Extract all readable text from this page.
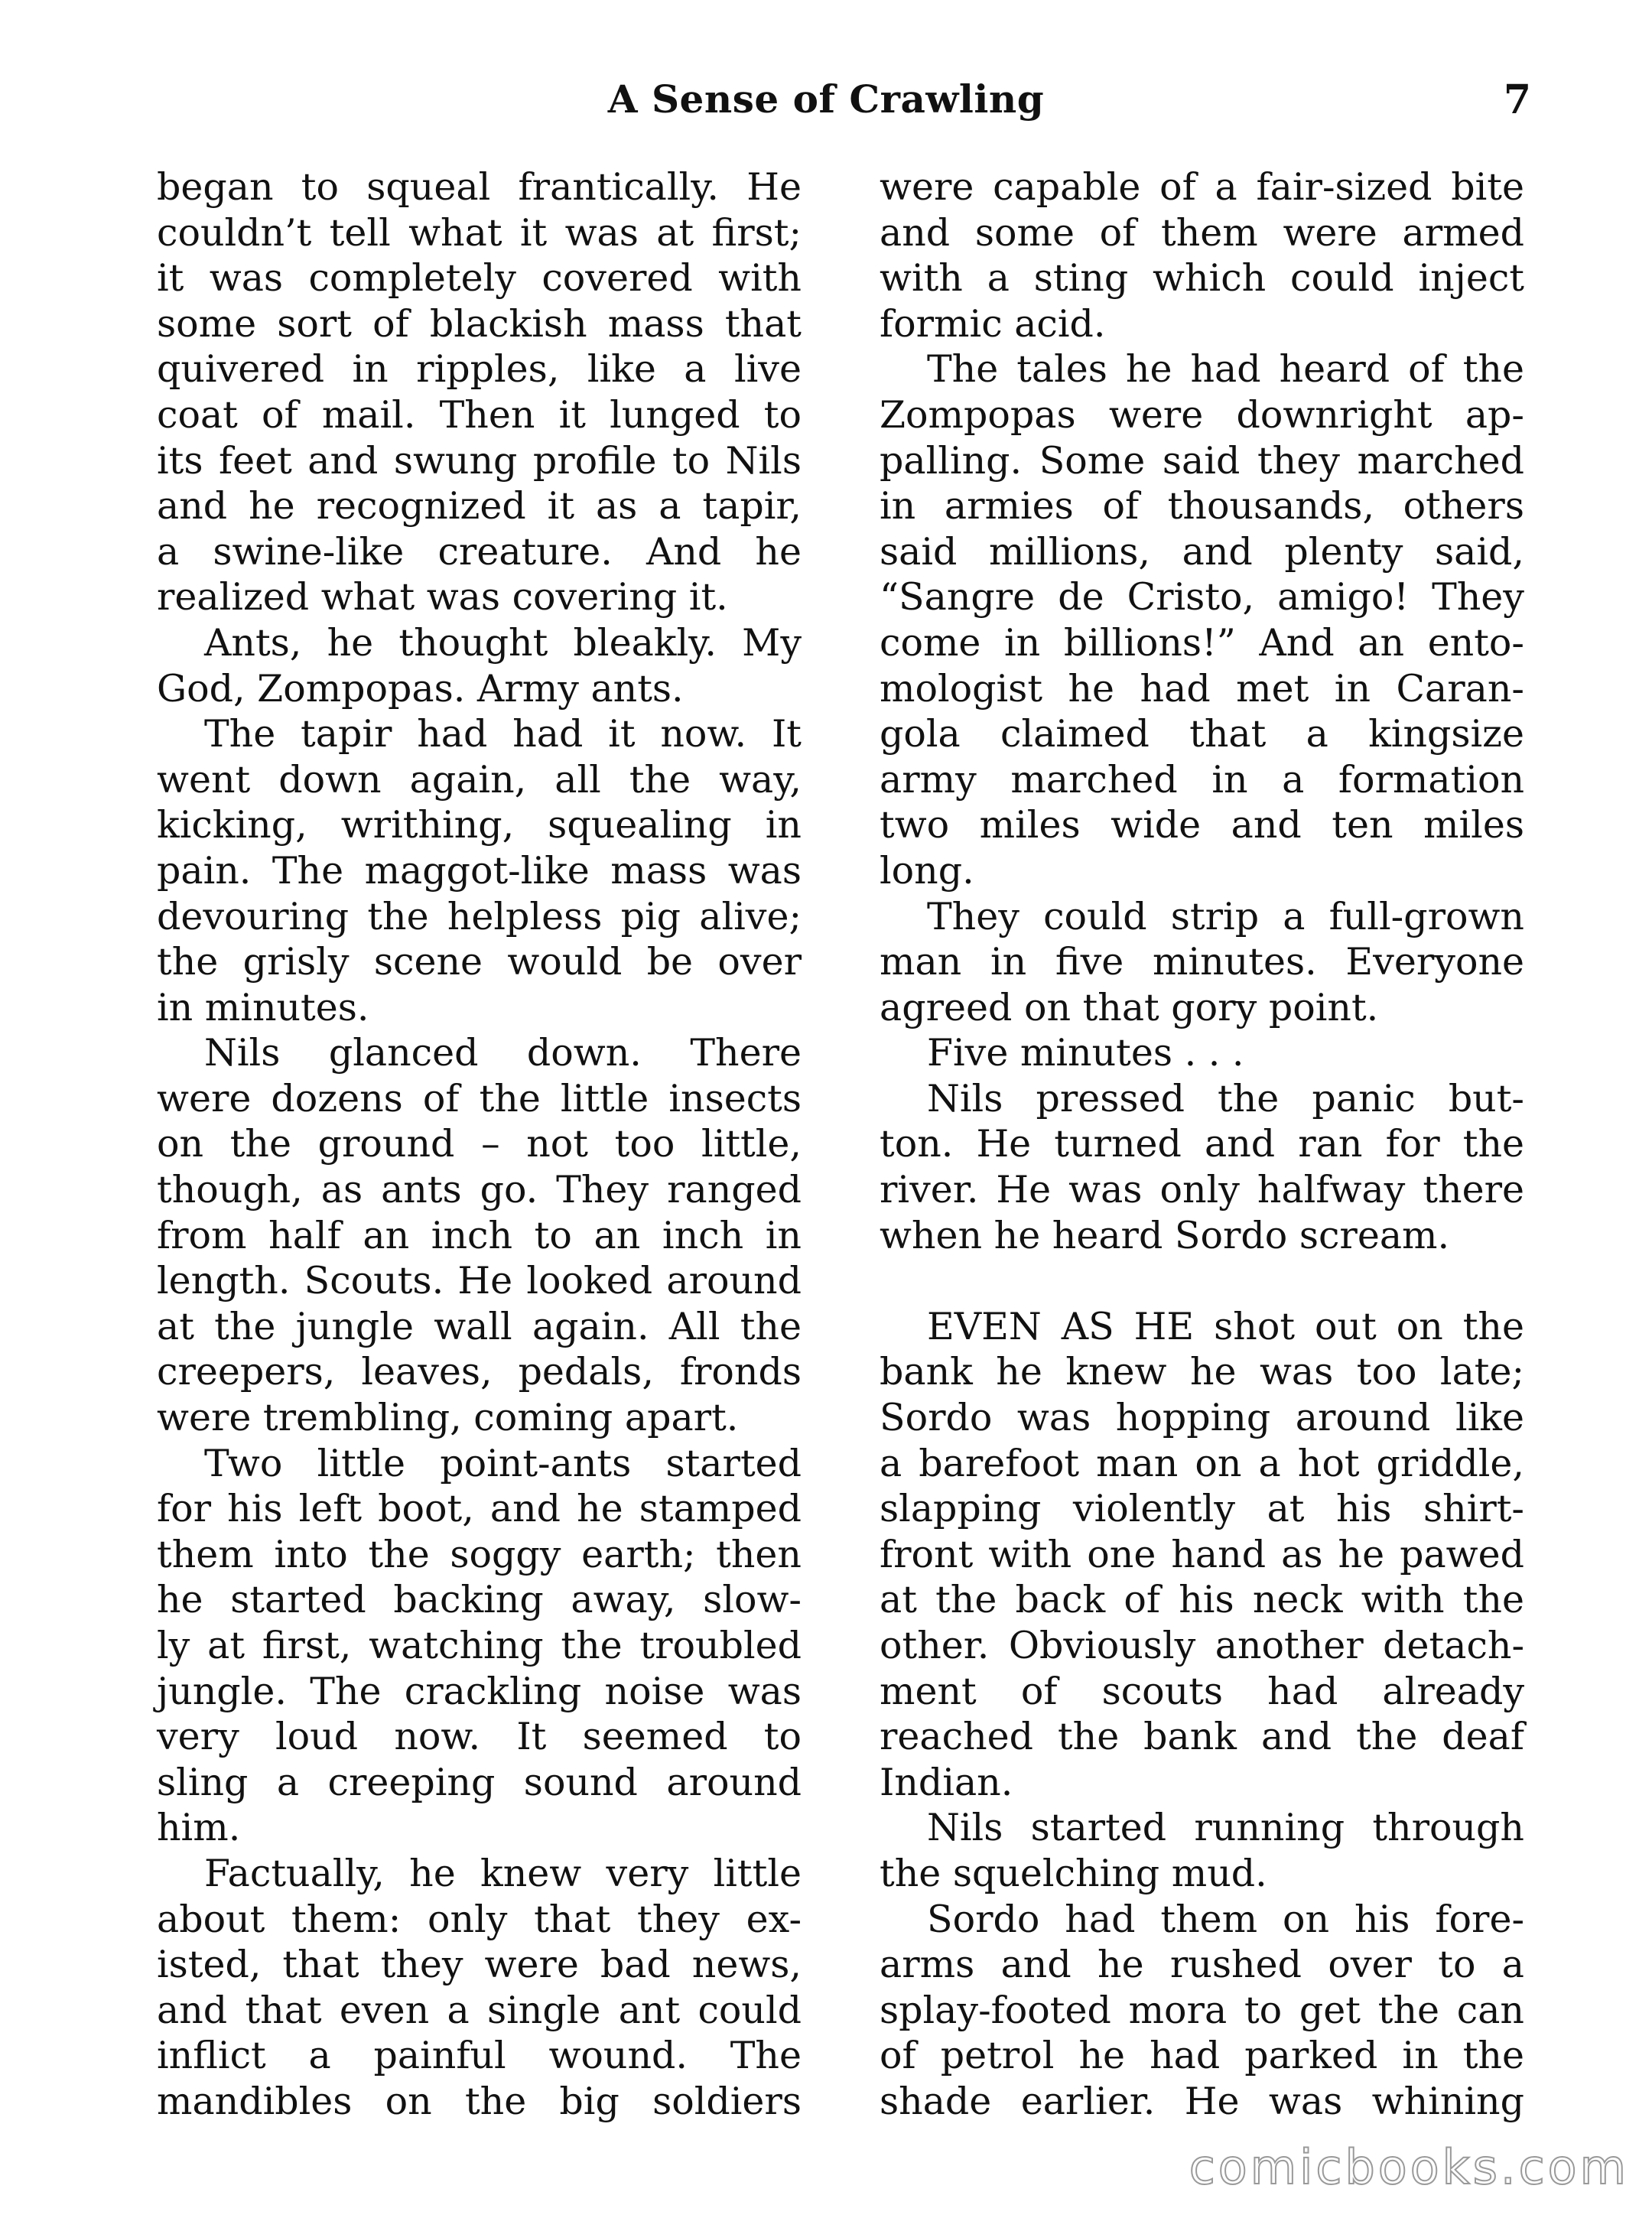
A Sense of Crawling	7
began to squeal frantically. He
couldn’t tell what it was at first;
it was completely covered with
some sort of blackish mass that
quivered in ripples, like a live
coat of mail. Then it lunged to
its feet and swung profile to Nils
and he recognized it as a tapir,
a swine-like creature. And he
realized what was covering it.
Ants, he thought bleakly. My
God, Zompopas. Army ants.
The tapir had had it now. It
went down again, all the way,
kicking, writhing, squealing in
pain. The maggot-like mass was
devouring the helpless pig alive;
the grisly scene would be over
in minutes.
Nils glanced down. There
were dozens of the little insects
on the ground – not too little,
though, as ants go. They ranged
from half an inch to an inch in
length. Scouts. He looked around
at the jungle wall again. All the
creepers, leaves, pedals, fronds
were trembling, coming apart.
Two little point-ants started
for his left boot, and he stamped
them into the soggy earth; then
he started backing away, slow-
ly at first, watching the troubled
jungle. The crackling noise was
very loud now. It seemed to
sling a creeping sound around
him.
Factually, he knew very little
about them: only that they ex-
isted, that they were bad news,
and that even a single ant could
inflict a painful wound. The
mandibles on the big soldiers
were capable of a fair-sized bite
and some of them were armed
with a sting which could inject
formic acid.
The tales he had heard of the
Zompopas were downright ap-
palling. Some said they marched
in armies of thousands, others
said millions, and plenty said,
“Sangre de Cristo, amigo! They
come in billions!” And an ento-
mologist he had met in Caran-
gola claimed that a kingsize
army marched in a formation
two miles wide and ten miles
long.
They could strip a full-grown
man in five minutes. Everyone
agreed on that gory point.
Five minutes . . .
Nils pressed the panic but-
ton. He turned and ran for the
river. He was only halfway there
when he heard Sordo scream.
EVEN AS HE shot out on the
bank he knew he was too late;
Sordo was hopping around like
a barefoot man on a hot griddle,
slapping violently at his shirt-
front with one hand as he pawed
at the back of his neck with the
other. Obviously another detach-
ment of scouts had already
reached the bank and the deaf
Indian.
Nils started running through
the squelching mud.
Sordo had them on his fore-
arms and he rushed over to a
splay-footed mora to get the can
of petrol he had parked in the
shade earlier. He was whining
comicbooks.com
